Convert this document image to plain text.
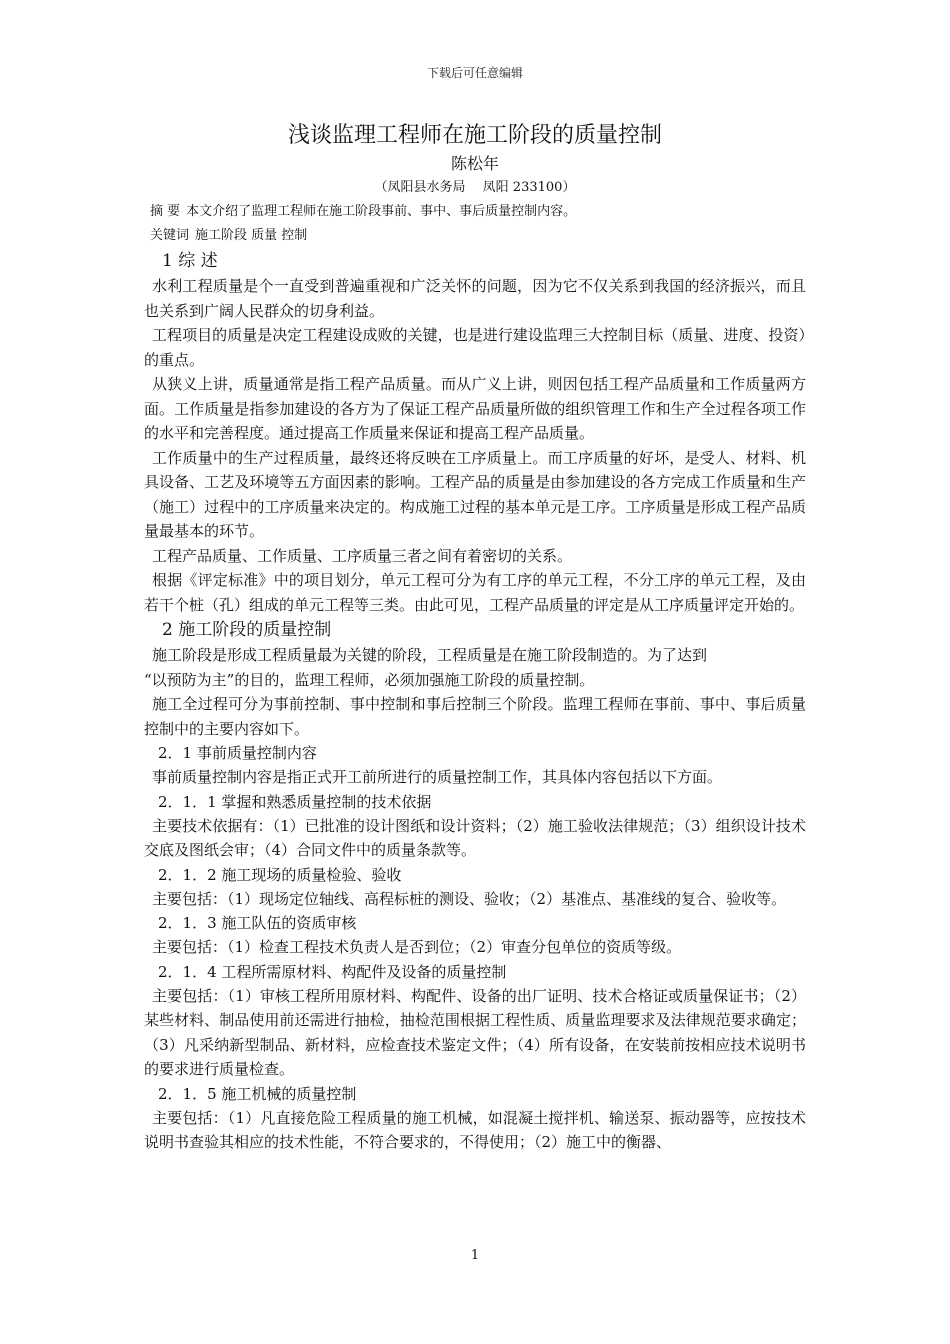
下载后可任意编辑
浅谈监理工程师在施工阶段的质量控制
陈松年
（凤阳县水务局　 凤阳 233100）
摘 要 本文介绍了监理工程师在施工阶段事前、事中、事后质量控制内容。
关键词 施工阶段 质量 控制
1 综 述

水利工程质量是个一直受到普遍重视和广泛关怀的问题，因为它不仅关系到我国的经济振兴，而且也关系到广阔人民群众的切身利益。

工程项目的质量是决定工程建设成败的关键，也是进行建设监理三大控制目标（质量、进度、投资）的重点。

从狭义上讲，质量通常是指工程产品质量。而从广义上讲，则因包括工程产品质量和工作质量两方面。工作质量是指参加建设的各方为了保证工程产品质量所做的组织管理工作和生产全过程各项工作的水平和完善程度。通过提高工作质量来保证和提高工程产品质量。

工作质量中的生产过程质量，最终还将反映在工序质量上。而工序质量的好坏，是受人、材料、机具设备、工艺及环境等五方面因素的影响。工程产品的质量是由参加建设的各方完成工作质量和生产（施工）过程中的工序质量来决定的。构成施工过程的基本单元是工序。工序质量是形成工程产品质量最基本的环节。

工程产品质量、工作质量、工序质量三者之间有着密切的关系。

根据《评定标准》中的项目划分，单元工程可分为有工序的单元工程，不分工序的单元工程，及由若干个桩（孔）组成的单元工程等三类。由此可见，工程产品质量的评定是从工序质量评定开始的。

2 施工阶段的质量控制

施工阶段是形成工程质量最为关键的阶段，工程质量是在施工阶段制造的。为了达到

“以预防为主”的目的，监理工程师，必须加强施工阶段的质量控制。

施工全过程可分为事前控制、事中控制和事后控制三个阶段。监理工程师在事前、事中、事后质量控制中的主要内容如下。

2．1 事前质量控制内容

事前质量控制内容是指正式开工前所进行的质量控制工作，其具体内容包括以下方面。

2．1．1 掌握和熟悉质量控制的技术依据

主要技术依据有：（1）已批准的设计图纸和设计资料；（2）施工验收法律规范；（3）组织设计技术交底及图纸会审；（4）合同文件中的质量条款等。

2．1．2 施工现场的质量检验、验收

主要包括：（1）现场定位轴线、高程标桩的测设、验收；（2）基准点、基准线的复合、验收等。

2．1．3 施工队伍的资质审核

主要包括：（1）检查工程技术负责人是否到位；（2）审查分包单位的资质等级。

2．1．4 工程所需原材料、构配件及设备的质量控制

主要包括：（1）审核工程所用原材料、构配件、设备的出厂证明、技术合格证或质量保证书；（2）某些材料、制品使用前还需进行抽检，抽检范围根据工程性质、质量监理要求及法律规范要求确定；（3）凡采纳新型制品、新材料，应检查技术鉴定文件；（4）所有设备，在安装前按相应技术说明书的要求进行质量检查。

2．1．5 施工机械的质量控制

主要包括：（1）凡直接危险工程质量的施工机械，如混凝土搅拌机、输送泵、振动器等，应按技术说明书查验其相应的技术性能，不符合要求的，不得使用；（2）施工中的衡器、

1
